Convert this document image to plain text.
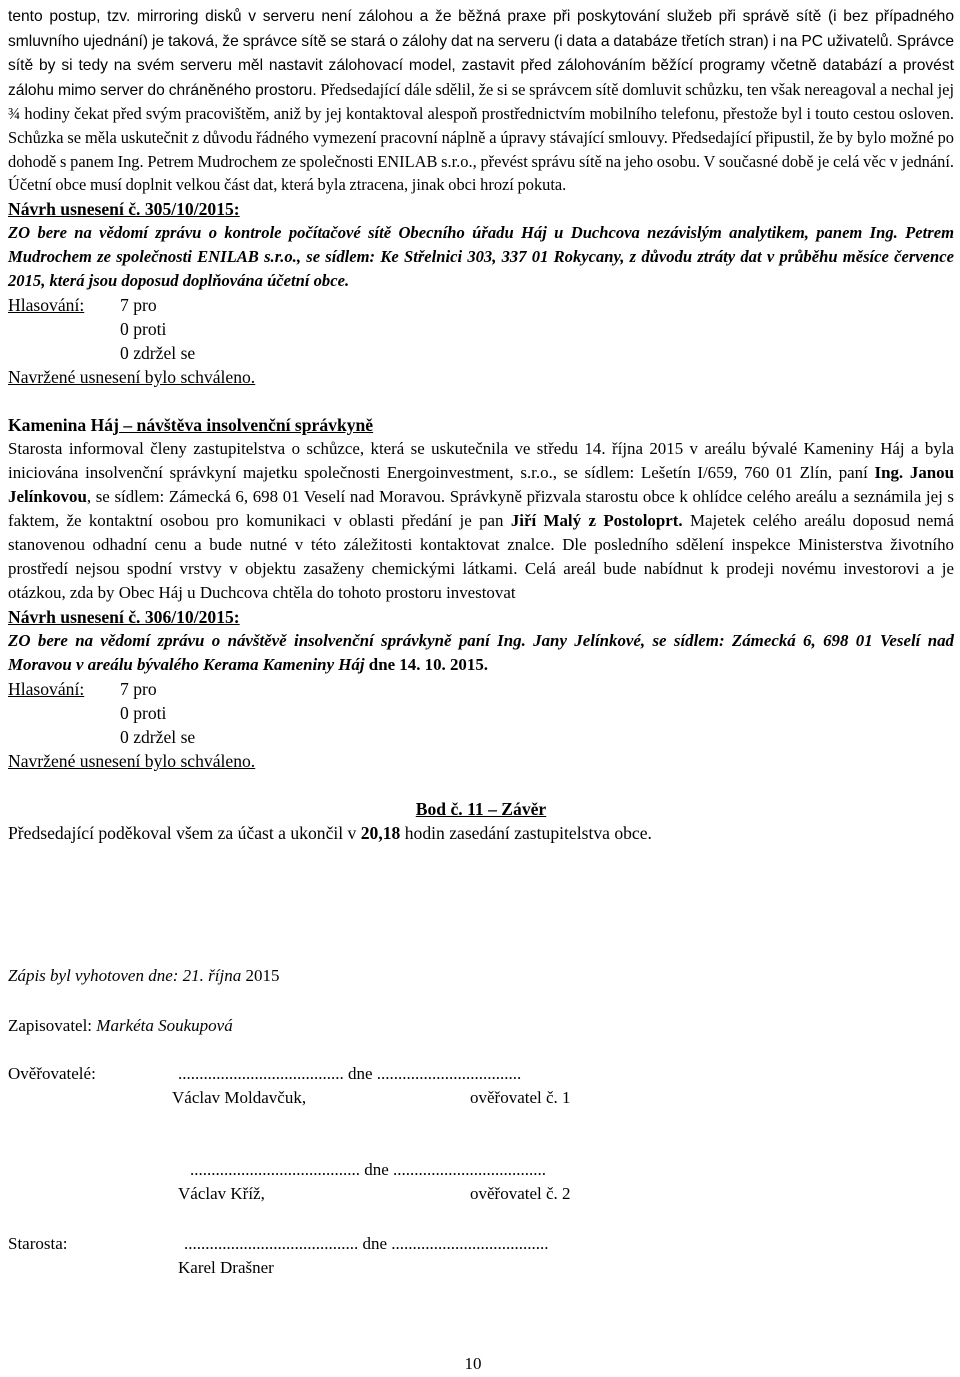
tento postup, tzv. mirroring disků v serveru není zálohou a že běžná praxe při poskytování služeb při správě sítě (i bez případného smluvního ujednání) je taková, že správce sítě se stará o zálohy dat na serveru (i data a databáze třetích stran) i na PC uživatelů. Správce sítě by si tedy na svém serveru měl nastavit zálohovací model, zastavit před zálohováním běžící programy včetně databází a provést zálohu mimo server do chráněného prostoru. Předsedající dále sdělil, že si se správcem sítě domluvit schůzku, ten však nereagoval a nechal jej ¾ hodiny čekat před svým pracovištěm, aniž by jej kontaktoval alespoň prostřednictvím mobilního telefonu, přestože byl i touto cestou osloven. Schůzka se měla uskutečnit z důvodu řádného vymezení pracovní náplně a úpravy stávající smlouvy. Předsedající připustil, že by bylo možné po dohodě s panem Ing. Petrem Mudrochem ze společnosti ENILAB s.r.o., převést správu sítě na jeho osobu. V současné době je celá věc v jednání. Účetní obce musí doplnit velkou část dat, která byla ztracena, jinak obci hrozí pokuta.

Návrh usnesení č. 305/10/2015:

ZO bere na vědomí zprávu o kontrole počítačové sítě Obecního úřadu Háj u Duchcova nezávislým analytikem, panem Ing. Petrem Mudrochem ze společnosti ENILAB s.r.o., se sídlem: Ke Střelnici 303, 337 01 Rokycany, z důvodu ztráty dat v průběhu měsíce července 2015, která jsou doposud doplňována účetní obce.

Hlasování: 7 pro
0 proti
0 zdržel se
Navržené usnesení bylo schváleno.
Kamenina Háj – návštěva insolvenční správkyně

Starosta informoval členy zastupitelstva o schůzce, která se uskutečnila ve středu 14. října 2015 v areálu bývalé Kameniny Háj a byla iniciována insolvenční správkyní majetku společnosti Energoinvestment, s.r.o., se sídlem: Lešetín I/659, 760 01 Zlín, paní Ing. Janou Jelínkovou, se sídlem: Zámecká 6, 698 01 Veselí nad Moravou. Správkyně přizvala starostu obce k ohlídce celého areálu a seznámila jej s faktem, že kontaktní osobou pro komunikaci v oblasti předání je pan Jiří Malý z Postoloprt. Majetek celého areálu doposud nemá stanovenou odhadní cenu a bude nutné v této záležitosti kontaktovat znalce. Dle posledního sdělení inspekce Ministerstva životního prostředí nejsou spodní vrstvy v objektu zasaženy chemickými látkami. Celá areál bude nabídnut k prodeji novému investorovi a je otázkou, zda by Obec Háj u Duchcova chtěla do tohoto prostoru investovat

Návrh usnesení č. 306/10/2015:

ZO bere na vědomí zprávu o návštěvě insolvenční správkyně paní Ing. Jany Jelínkové, se sídlem: Zámecká 6, 698 01 Veselí nad Moravou v areálu bývalého Kerama Kameniny Háj dne 14. 10. 2015.

Hlasování: 7 pro
0 proti
0 zdržel se
Navržené usnesení bylo schváleno.
Bod č. 11 – Závěr
Předsedající poděkoval všem za účast a ukončil v 20,18 hodin zasedání zastupitelstva obce.
Zápis byl vyhotoven dne: 21. října 2015
Zapisovatel: Markéta Soukupová
Ověřovatelé:	....................................... dne ..................................
Václav Moldavčuk,	ověřovatel č. 1
........................................ dne ....................................
Václav Kříž,	ověřovatel č. 2
Starosta:	......................................... dne .....................................
Karel Drašner
10
